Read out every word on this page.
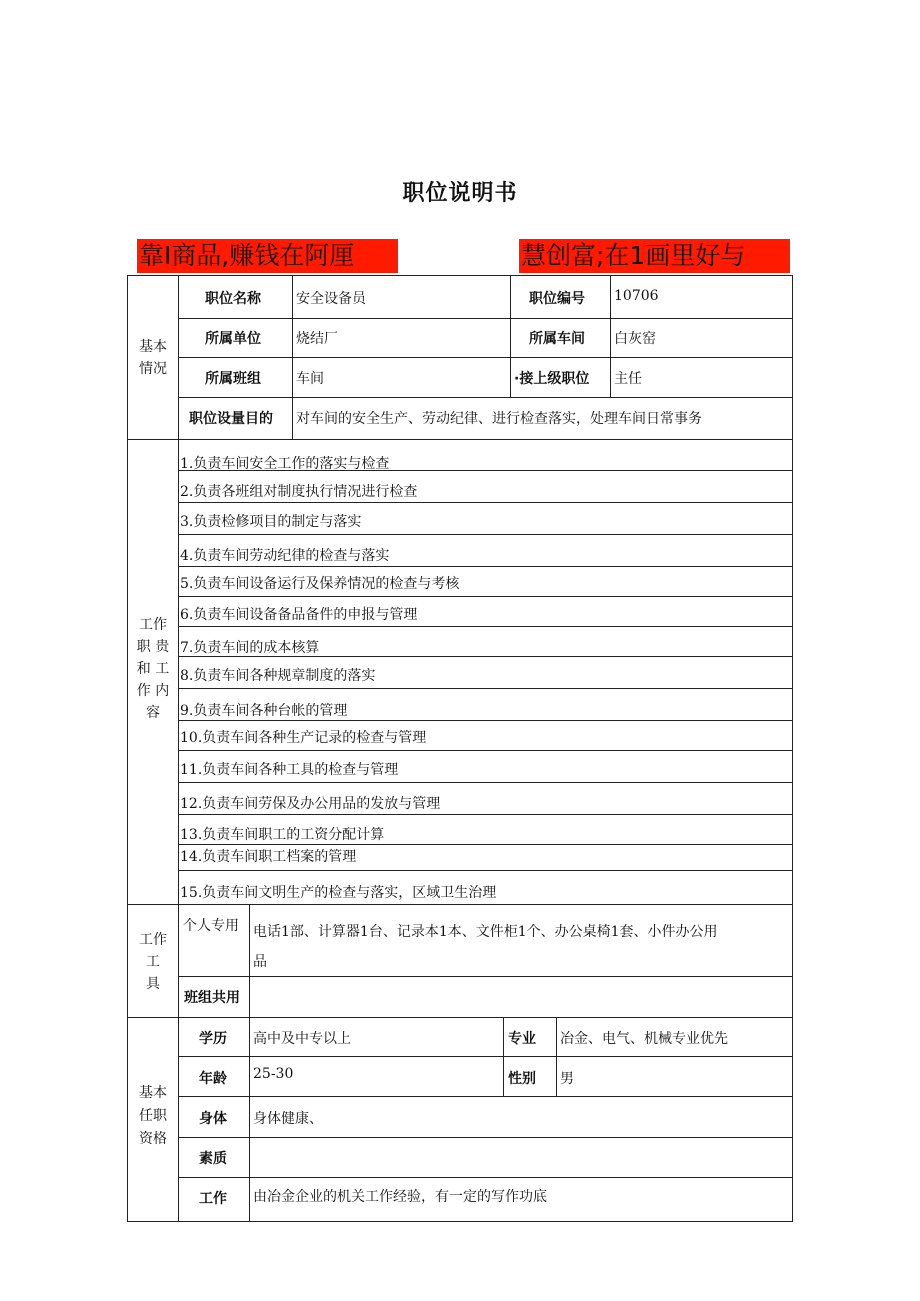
职位说明书
靠I商品,赚钱在阿厘	慧创富;在1画里好与
基本
情况
职位名称	安全设备员	职位编号 10706
所属单位	烧结厂	所属车间 白灰窑
所属班组	车间	·接上级职位 主任
职位设量目的 对车间的安全生产、劳动纪律、进行检查落实，处理车间日常事务
工作
职 贵
和 工
作 内
容
1.负责车间安全工作的落实与检查
2.负责各班组对制度执行情况进行检查
3.负责检修项目的制定与落实
4.负责车间劳动纪律的检查与落实
5.负责车间设备运行及保养情况的检查与考核
6.负责车间设备备品备件的申报与管理
7.负责车间的成本核算
8.负责车间各种规章制度的落实
9.负责车间各种台帐的管理
10.负责车间各种生产记录的检查与管理
11.负责车间各种工具的检查与管理
12.负责车间劳保及办公用品的发放与管理
13.负责车间职工的工资分配计算
14.负责车间职工档案的管理
15.负责车间文明生产的检查与落实，区域卫生治理
工作
工
具
个人专用 电话1部、计算器1台、记录本1本、文件柜1个、办公桌椅1套、小件办公用
品
班组共用
基本
任职
资格
学历 高中及中专以上	专业 冶金、电气、机械专业优先
年龄 25-30	性别 男
身体 身体健康、
素质
工作 由冶金企业的机关工作经验，有一定的写作功底
